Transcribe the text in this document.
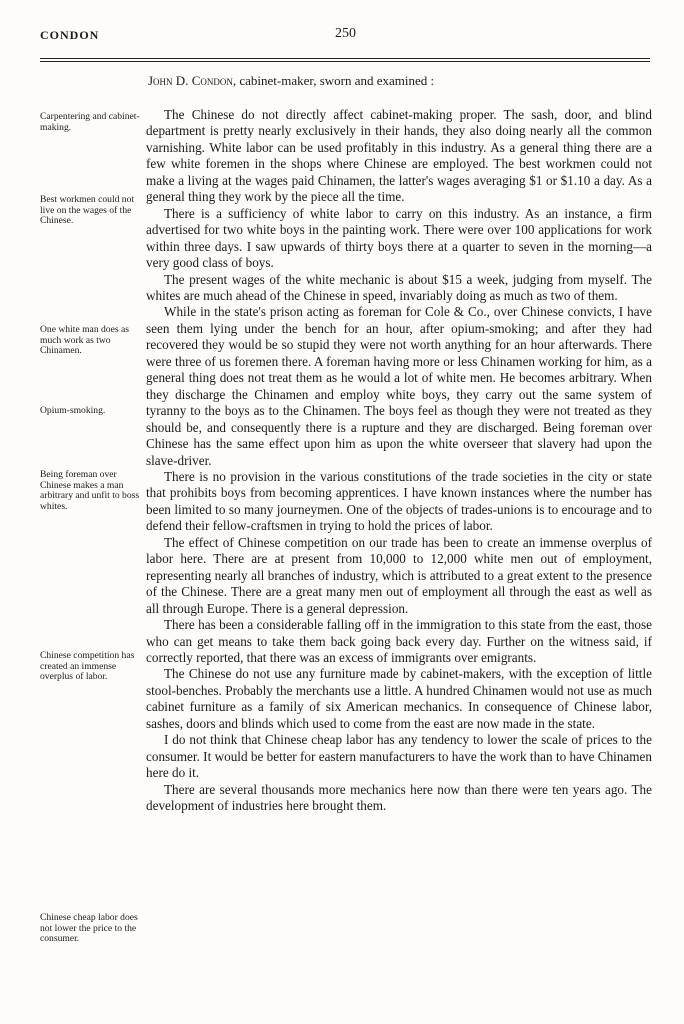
CONDON	250
John D. Condon, cabinet-maker, sworn and examined :
Carpentering and cabinet-making.
Best workmen could not live on the wages of the Chinese.
One white man does as much work as two Chinamen.
Opium-smoking.
Being foreman over Chinese makes a man arbitrary and unfit to boss whites.
Chinese competition has created an immense overplus of labor.
Chinese cheap labor does not lower the price to the consumer.

The Chinese do not directly affect cabinet-making proper. The sash, door, and blind department is pretty nearly exclusively in their hands, they also doing nearly all the common varnishing. White labor can be used profitably in this industry. As a general thing there are a few white foremen in the shops where Chinese are employed. The best workmen could not make a living at the wages paid Chinamen, the latter's wages averaging $1 or $1.10 a day. As a general thing they work by the piece all the time.

There is a sufficiency of white labor to carry on this industry. As an instance, a firm advertised for two white boys in the painting work. There were over 100 applications for work within three days. I saw upwards of thirty boys there at a quarter to seven in the morning—a very good class of boys.

The present wages of the white mechanic is about $15 a week, judging from myself. The whites are much ahead of the Chinese in speed, invariably doing as much as two of them.

While in the state's prison acting as foreman for Cole & Co., over Chinese convicts, I have seen them lying under the bench for an hour, after opium-smoking; and after they had recovered they would be so stupid they were not worth anything for an hour afterwards. There were three of us foremen there. A foreman having more or less Chinamen working for him, as a general thing does not treat them as he would a lot of white men. He becomes arbitrary. When they discharge the Chinamen and employ white boys, they carry out the same system of tyranny to the boys as to the Chinamen. The boys feel as though they were not treated as they should be, and consequently there is a rupture and they are discharged. Being foreman over Chinese has the same effect upon him as upon the white overseer that slavery had upon the slave-driver.

There is no provision in the various constitutions of the trade societies in the city or state that prohibits boys from becoming apprentices. I have known instances where the number has been limited to so many journeymen. One of the objects of trades-unions is to encourage and to defend their fellow-craftsmen in trying to hold the prices of labor.

The effect of Chinese competition on our trade has been to create an immense overplus of labor here. There are at present from 10,000 to 12,000 white men out of employment, representing nearly all branches of industry, which is attributed to a great extent to the presence of the Chinese. There are a great many men out of employment all through the east as well as all through Europe. There is a general depression.

There has been a considerable falling off in the immigration to this state from the east, those who can get means to take them back going back every day. Further on the witness said, if correctly reported, that there was an excess of immigrants over emigrants.

The Chinese do not use any furniture made by cabinet-makers, with the exception of little stool-benches. Probably the merchants use a little. A hundred Chinamen would not use as much cabinet furniture as a family of six American mechanics. In consequence of Chinese labor, sashes, doors and blinds which used to come from the east are now made in the state.

I do not think that Chinese cheap labor has any tendency to lower the scale of prices to the consumer. It would be better for eastern manufacturers to have the work than to have Chinamen here do it.

There are several thousands more mechanics here now than there were ten years ago. The development of industries here brought them.
